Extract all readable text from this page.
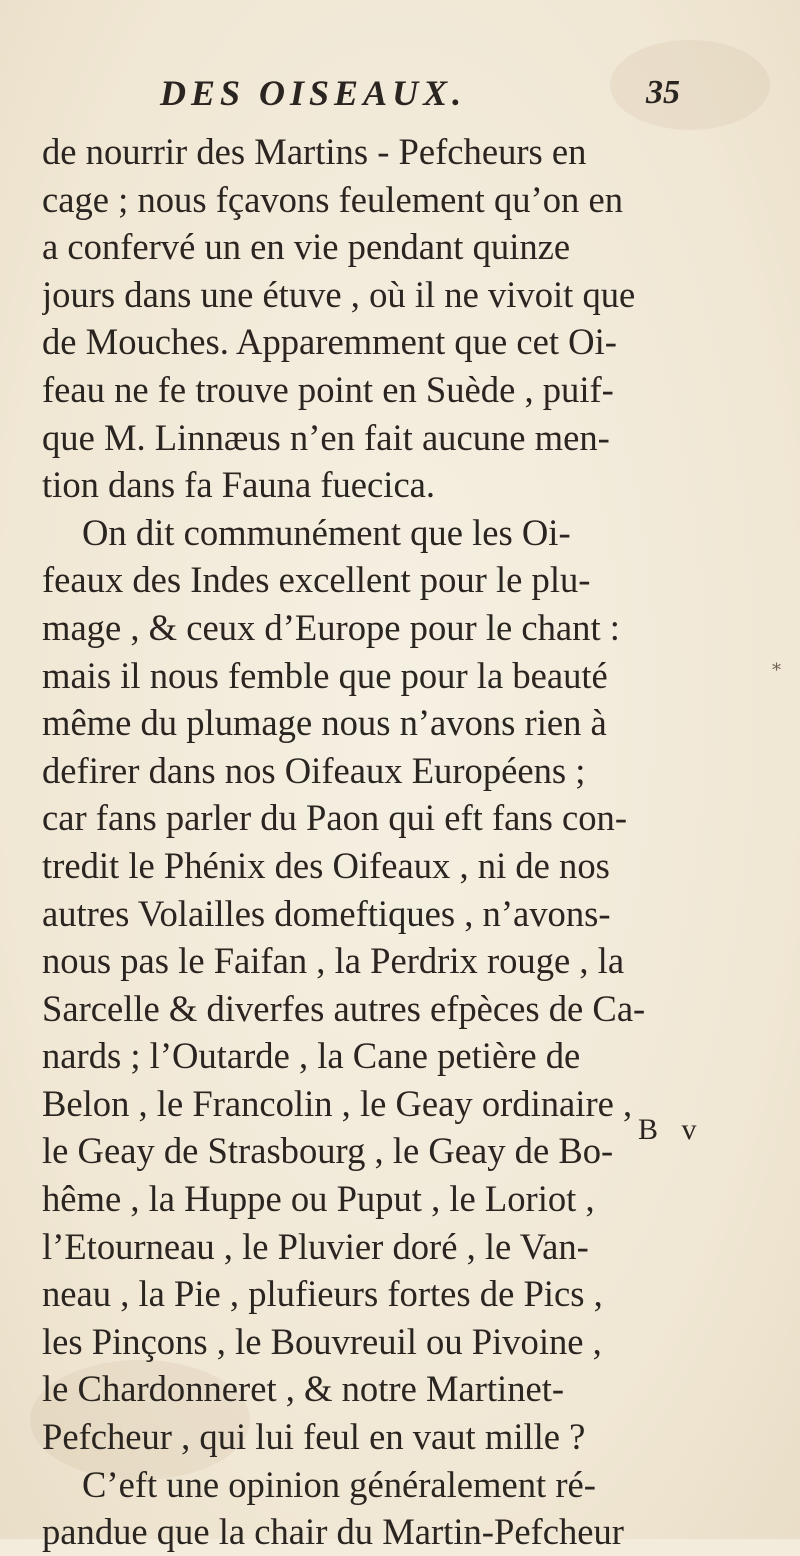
DES OISEAUX.	35
de nourrir des Martins - Pefcheurs en
cage ; nous fçavons feulement qu’on en
a confervé un en vie pendant quinze
jours dans une étuve , où il ne vivoit que
de Mouches. Apparemment que cet Oi-
feau ne fe trouve point en Suède , puif-
que M. Linnæus n’en fait aucune men-
tion dans fa Fauna fuecica.
On dit communément que les Oi-
feaux des Indes excellent pour le plu-
mage , & ceux d’Europe pour le chant :
mais il nous femble que pour la beauté
même du plumage nous n’avons rien à
defirer dans nos Oifeaux Européens ;
car fans parler du Paon qui eft fans con-
tredit le Phénix des Oifeaux , ni de nos
autres Volailles domeftiques , n’avons-
nous pas le Faifan , la Perdrix rouge , la
Sarcelle & diverfes autres efpèces de Ca-
nards ; l’Outarde , la Cane petière de
Belon , le Francolin , le Geay ordinaire ,
le Geay de Strasbourg , le Geay de Bo-
hême , la Huppe ou Puput , le Loriot ,
l’Etourneau , le Pluvier doré , le Van-
neau , la Pie , plufieurs fortes de Pics ,
les Pinçons , le Bouvreuil ou Pivoine ,
le Chardonneret , & notre Martinet-
Pefcheur , qui lui feul en vaut mille ?
C’eft une opinion généralement ré-
pandue que la chair du Martin-Pefcheur
B v
*
